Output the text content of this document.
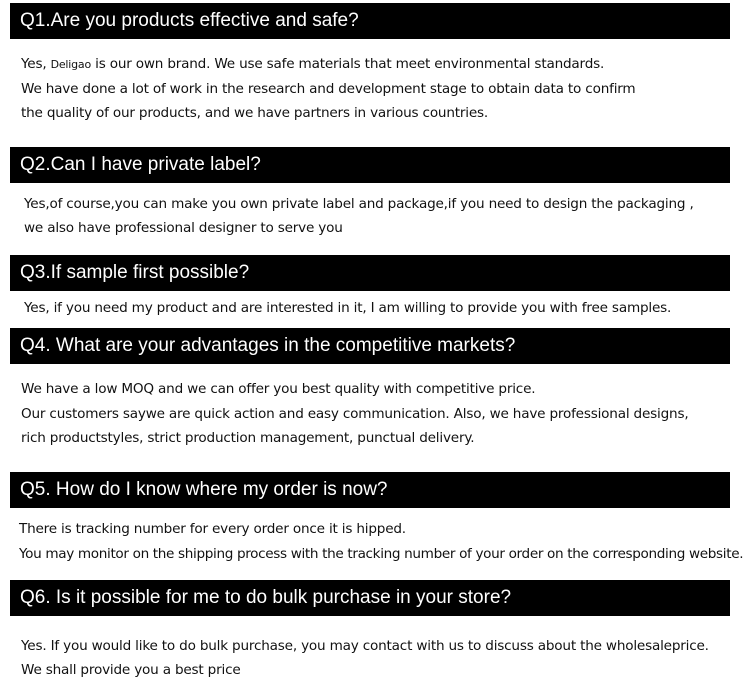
Q1.Are you products effective and safe?
Yes, Deligao is our own brand. We use safe materials that meet environmental standards.
We have done a lot of work in the research and development stage to obtain data to confirm
the quality of our products, and we have partners in various countries.
Q2.Can I have private label?
Yes,of course,you can make you own private label and package,if you need to design the packaging ,
we also have professional designer to serve you
Q3.If sample first possible?
Yes, if you need my product and are interested in it, I am willing to provide you with free samples.
Q4. What are your advantages in the competitive markets?
We have a low MOQ and we can offer you best quality with competitive price.
Our customers saywe are quick action and easy communication. Also, we have professional designs,
rich productstyles, strict production management, punctual delivery.
Q5. How do I know where my order is now?
There is tracking number for every order once it is hipped.
You may monitor on the shipping process with the tracking number of your order on the corresponding website.
Q6. Is it possible for me to do bulk purchase in your store?
Yes. If you would like to do bulk purchase, you may contact with us to discuss about the wholesaleprice.
We shall provide you a best price
